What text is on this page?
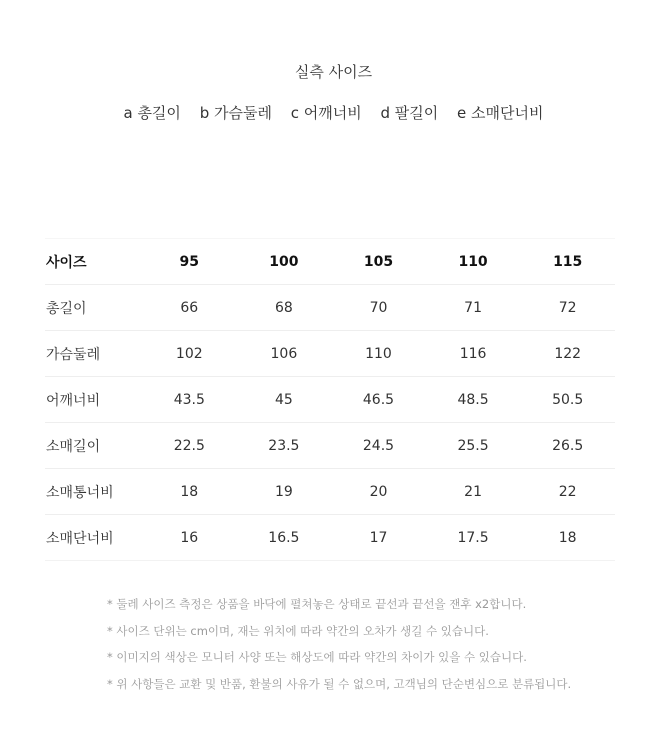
실측 사이즈
a 총길이 b 가슴둘레 c 어깨너비 d 팔길이 e 소매단너비
사이즈	95	100	105	110	115
총길이	66	68	70	71	72
가슴둘레	102	106	110	116	122
어깨너비	43.5	45	46.5	48.5	50.5
소매길이	22.5	23.5	24.5	25.5	26.5
소매통너비	18	19	20	21	22
소매단너비	16	16.5	17	17.5	18
* 둘레 사이즈 측정은 상품을 바닥에 펼쳐놓은 상태로 끝선과 끝선을 잰후 x2합니다.
* 사이즈 단위는 cm이며, 재는 위치에 따라 약간의 오차가 생길 수 있습니다.
* 이미지의 색상은 모니터 사양 또는 해상도에 따라 약간의 차이가 있을 수 있습니다.
* 위 사항들은 교환 및 반품, 환불의 사유가 될 수 없으며, 고객님의 단순변심으로 분류됩니다.
